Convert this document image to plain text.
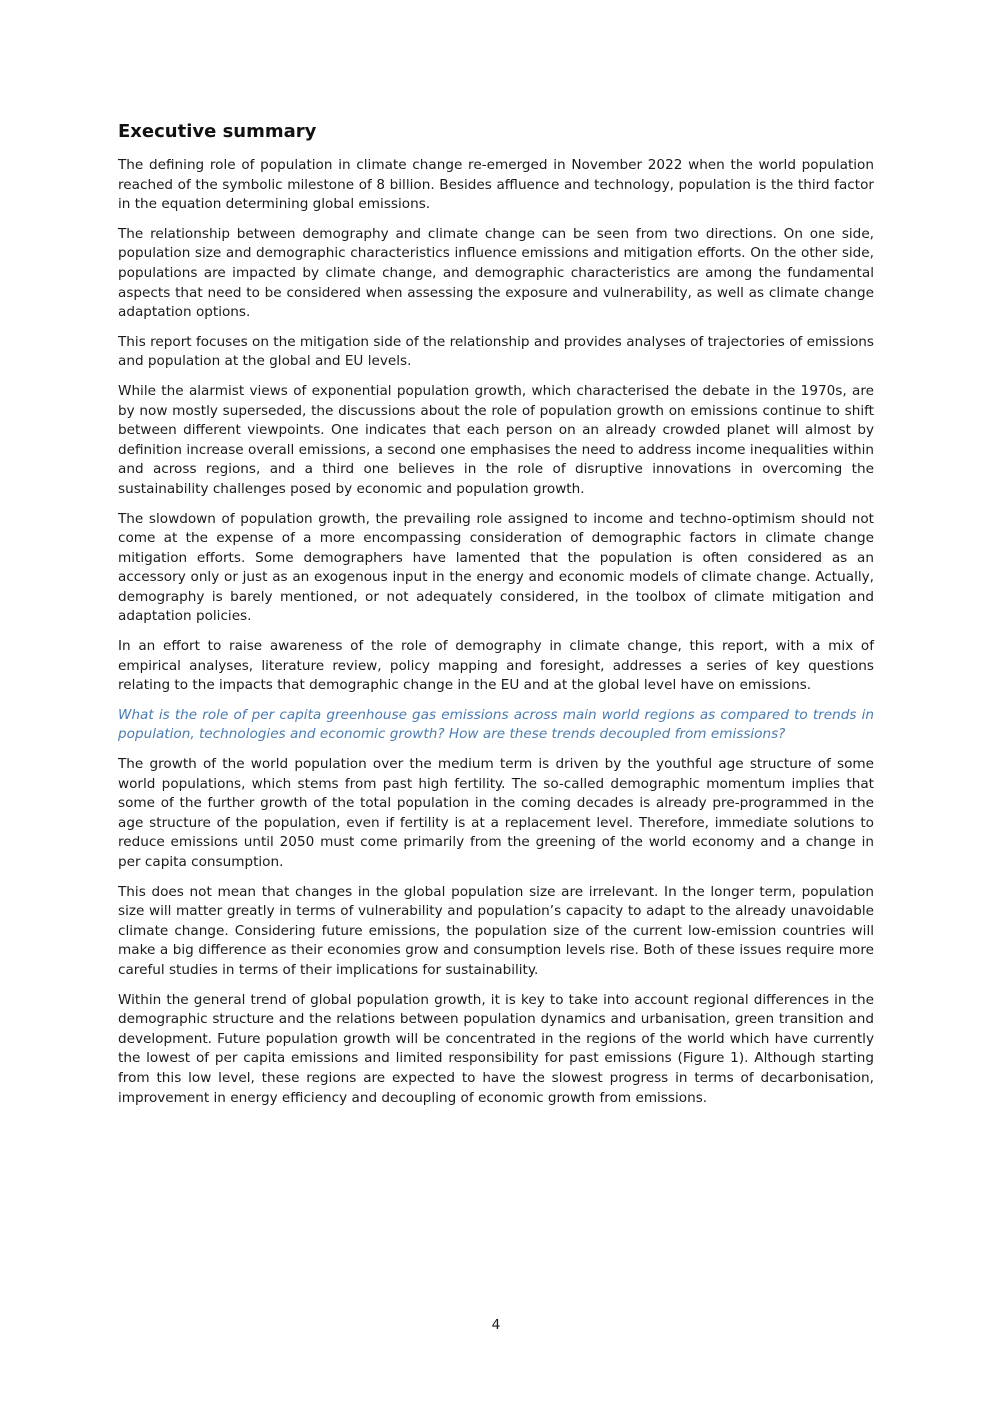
Executive summary

The defining role of population in climate change re-emerged in November 2022 when the world population reached of the symbolic milestone of 8 billion. Besides affluence and technology, population is the third factor in the equation determining global emissions.

The relationship between demography and climate change can be seen from two directions. On one side, population size and demographic characteristics influence emissions and mitigation efforts. On the other side, populations are impacted by climate change, and demographic characteristics are among the fundamental aspects that need to be considered when assessing the exposure and vulnerability, as well as climate change adaptation options.

This report focuses on the mitigation side of the relationship and provides analyses of trajectories of emissions and population at the global and EU levels.

While the alarmist views of exponential population growth, which characterised the debate in the 1970s, are by now mostly superseded, the discussions about the role of population growth on emissions continue to shift between different viewpoints. One indicates that each person on an already crowded planet will almost by definition increase overall emissions, a second one emphasises the need to address income inequalities within and across regions, and a third one believes in the role of disruptive innovations in overcoming the sustainability challenges posed by economic and population growth.

The slowdown of population growth, the prevailing role assigned to income and techno-optimism should not come at the expense of a more encompassing consideration of demographic factors in climate change mitigation efforts. Some demographers have lamented that the population is often considered as an accessory only or just as an exogenous input in the energy and economic models of climate change. Actually, demography is barely mentioned, or not adequately considered, in the toolbox of climate mitigation and adaptation policies.

In an effort to raise awareness of the role of demography in climate change, this report, with a mix of empirical analyses, literature review, policy mapping and foresight, addresses a series of key questions relating to the impacts that demographic change in the EU and at the global level have on emissions.

What is the role of per capita greenhouse gas emissions across main world regions as compared to trends in population, technologies and economic growth? How are these trends decoupled from emissions?

The growth of the world population over the medium term is driven by the youthful age structure of some world populations, which stems from past high fertility. The so-called demographic momentum implies that some of the further growth of the total population in the coming decades is already pre-programmed in the age structure of the population, even if fertility is at a replacement level. Therefore, immediate solutions to reduce emissions until 2050 must come primarily from the greening of the world economy and a change in per capita consumption.

This does not mean that changes in the global population size are irrelevant. In the longer term, population size will matter greatly in terms of vulnerability and population’s capacity to adapt to the already unavoidable climate change. Considering future emissions, the population size of the current low-emission countries will make a big difference as their economies grow and consumption levels rise. Both of these issues require more careful studies in terms of their implications for sustainability.

Within the general trend of global population growth, it is key to take into account regional differences in the demographic structure and the relations between population dynamics and urbanisation, green transition and development. Future population growth will be concentrated in the regions of the world which have currently the lowest of per capita emissions and limited responsibility for past emissions (Figure 1). Although starting from this low level, these regions are expected to have the slowest progress in terms of decarbonisation, improvement in energy efficiency and decoupling of economic growth from emissions.

4
